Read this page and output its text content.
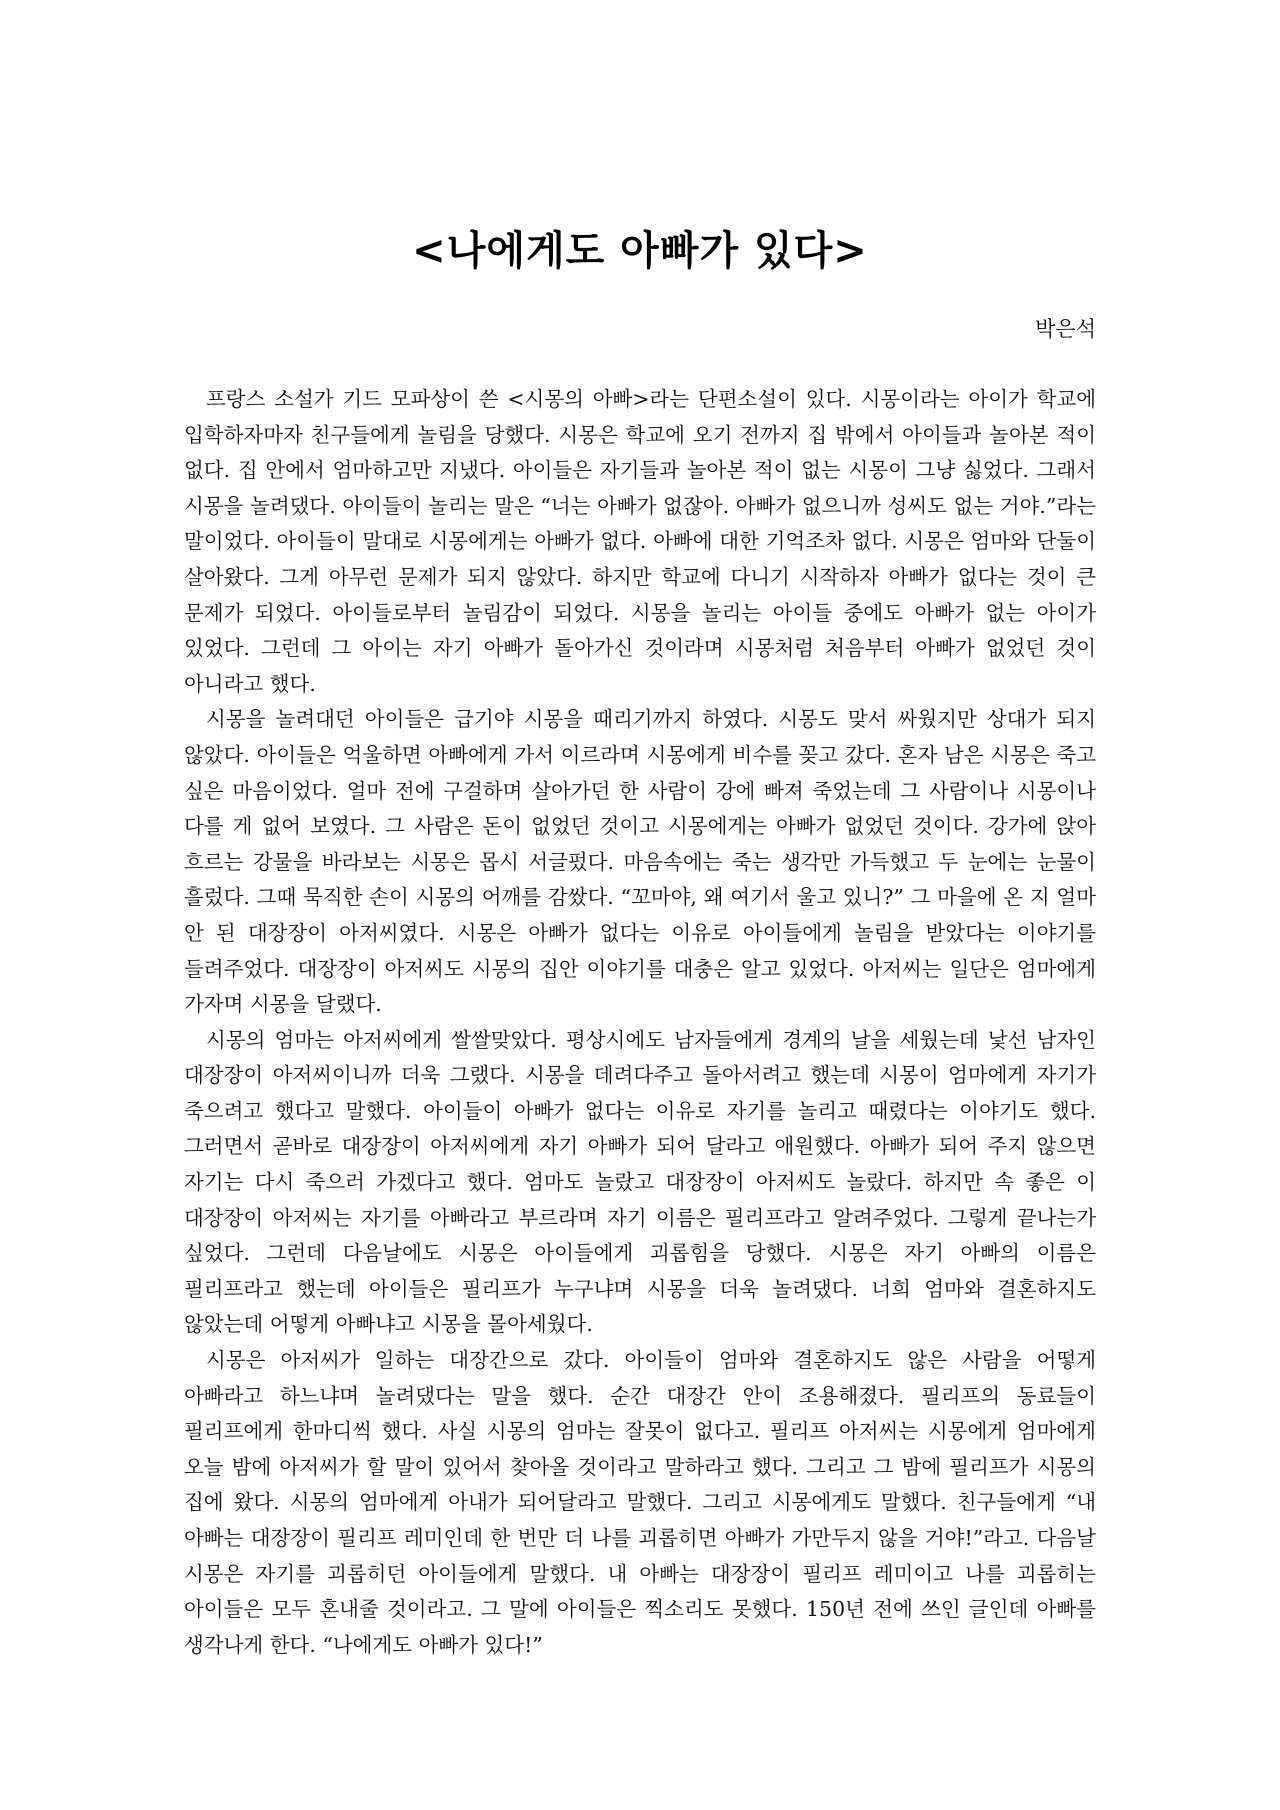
<나에게도 아빠가 있다>
박은석

프랑스 소설가 기드 모파상이 쓴 <시몽의 아빠>라는 단편소설이 있다. 시몽이라는 아이가 학교에 입학하자마자 친구들에게 놀림을 당했다. 시몽은 학교에 오기 전까지 집 밖에서 아이들과 놀아본 적이 없다. 집 안에서 엄마하고만 지냈다. 아이들은 자기들과 놀아본 적이 없는 시몽이 그냥 싫었다. 그래서 시몽을 놀려댔다. 아이들이 놀리는 말은 “너는 아빠가 없잖아. 아빠가 없으니까 성씨도 없는 거야.”라는 말이었다. 아이들이 말대로 시몽에게는 아빠가 없다. 아빠에 대한 기억조차 없다. 시몽은 엄마와 단둘이 살아왔다. 그게 아무런 문제가 되지 않았다. 하지만 학교에 다니기 시작하자 아빠가 없다는 것이 큰 문제가 되었다. 아이들로부터 놀림감이 되었다. 시몽을 놀리는 아이들 중에도 아빠가 없는 아이가 있었다. 그런데 그 아이는 자기 아빠가 돌아가신 것이라며 시몽처럼 처음부터 아빠가 없었던 것이 아니라고 했다.

시몽을 놀려대던 아이들은 급기야 시몽을 때리기까지 하였다. 시몽도 맞서 싸웠지만 상대가 되지 않았다. 아이들은 억울하면 아빠에게 가서 이르라며 시몽에게 비수를 꽂고 갔다. 혼자 남은 시몽은 죽고 싶은 마음이었다. 얼마 전에 구걸하며 살아가던 한 사람이 강에 빠져 죽었는데 그 사람이나 시몽이나 다를 게 없어 보였다. 그 사람은 돈이 없었던 것이고 시몽에게는 아빠가 없었던 것이다. 강가에 앉아 흐르는 강물을 바라보는 시몽은 몹시 서글펐다. 마음속에는 죽는 생각만 가득했고 두 눈에는 눈물이 흘렀다. 그때 묵직한 손이 시몽의 어깨를 감쌌다. “꼬마야, 왜 여기서 울고 있니?” 그 마을에 온 지 얼마 안 된 대장장이 아저씨였다. 시몽은 아빠가 없다는 이유로 아이들에게 놀림을 받았다는 이야기를 들려주었다. 대장장이 아저씨도 시몽의 집안 이야기를 대충은 알고 있었다. 아저씨는 일단은 엄마에게 가자며 시몽을 달랬다.

시몽의 엄마는 아저씨에게 쌀쌀맞았다. 평상시에도 남자들에게 경계의 날을 세웠는데 낯선 남자인 대장장이 아저씨이니까 더욱 그랬다. 시몽을 데려다주고 돌아서려고 했는데 시몽이 엄마에게 자기가 죽으려고 했다고 말했다. 아이들이 아빠가 없다는 이유로 자기를 놀리고 때렸다는 이야기도 했다. 그러면서 곧바로 대장장이 아저씨에게 자기 아빠가 되어 달라고 애원했다. 아빠가 되어 주지 않으면 자기는 다시 죽으러 가겠다고 했다. 엄마도 놀랐고 대장장이 아저씨도 놀랐다. 하지만 속 좋은 이 대장장이 아저씨는 자기를 아빠라고 부르라며 자기 이름은 필리프라고 알려주었다. 그렇게 끝나는가 싶었다. 그런데 다음날에도 시몽은 아이들에게 괴롭힘을 당했다. 시몽은 자기 아빠의 이름은 필리프라고 했는데 아이들은 필리프가 누구냐며 시몽을 더욱 놀려댔다. 너희 엄마와 결혼하지도 않았는데 어떻게 아빠냐고 시몽을 몰아세웠다.

시몽은 아저씨가 일하는 대장간으로 갔다. 아이들이 엄마와 결혼하지도 않은 사람을 어떻게 아빠라고 하느냐며 놀려댔다는 말을 했다. 순간 대장간 안이 조용해졌다. 필리프의 동료들이 필리프에게 한마디씩 했다. 사실 시몽의 엄마는 잘못이 없다고. 필리프 아저씨는 시몽에게 엄마에게 오늘 밤에 아저씨가 할 말이 있어서 찾아올 것이라고 말하라고 했다. 그리고 그 밤에 필리프가 시몽의 집에 왔다. 시몽의 엄마에게 아내가 되어달라고 말했다. 그리고 시몽에게도 말했다. 친구들에게 “내 아빠는 대장장이 필리프 레미인데 한 번만 더 나를 괴롭히면 아빠가 가만두지 않을 거야!”라고. 다음날 시몽은 자기를 괴롭히던 아이들에게 말했다. 내 아빠는 대장장이 필리프 레미이고 나를 괴롭히는 아이들은 모두 혼내줄 것이라고. 그 말에 아이들은 찍소리도 못했다. 150년 전에 쓰인 글인데 아빠를 생각나게 한다. “나에게도 아빠가 있다!”
